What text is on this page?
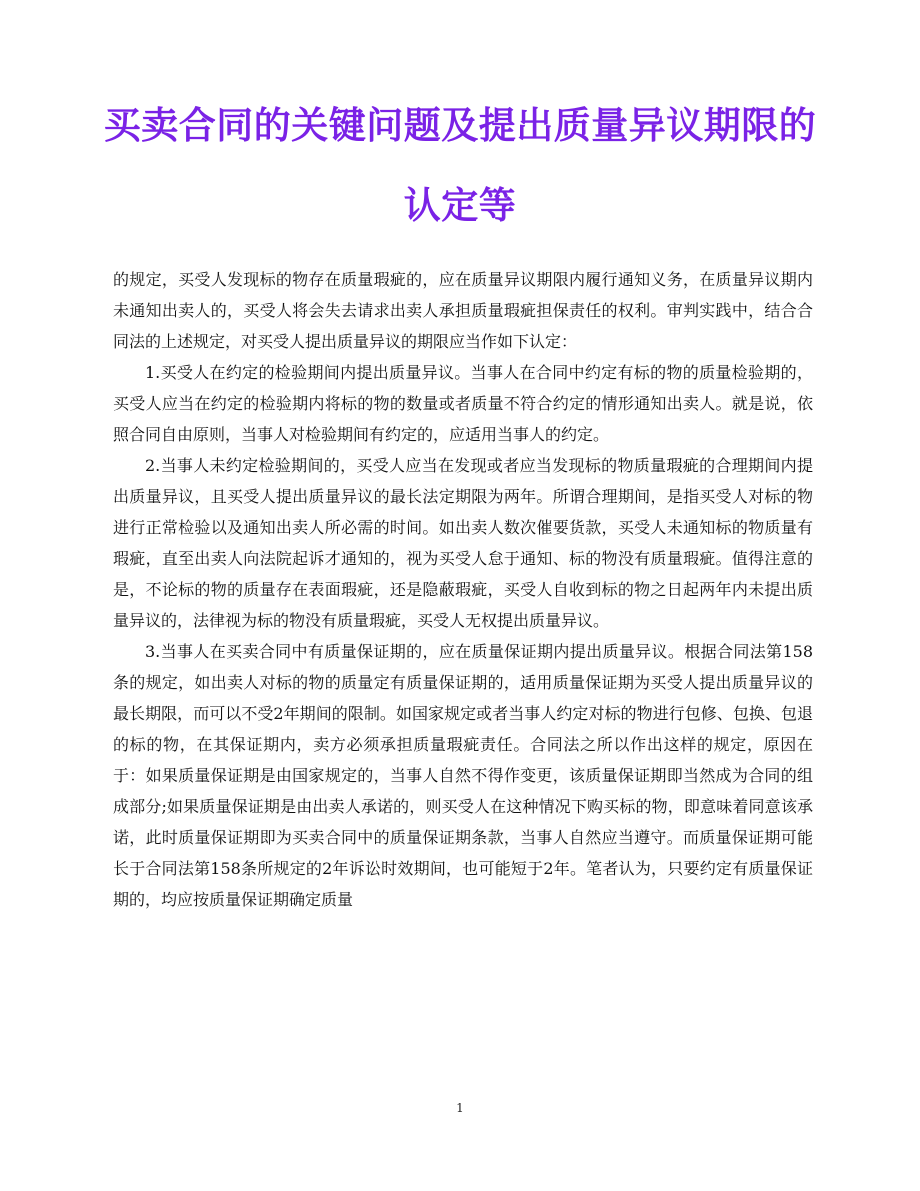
买卖合同的关键问题及提出质量异议期限的认定等

的规定，买受人发现标的物存在质量瑕疵的，应在质量异议期限内履行通知义务，在质量异议期内未通知出卖人的，买受人将会失去请求出卖人承担质量瑕疵担保责任的权利。审判实践中，结合合同法的上述规定，对买受人提出质量异议的期限应当作如下认定：

1.买受人在约定的检验期间内提出质量异议。当事人在合同中约定有标的物的质量检验期的，买受人应当在约定的检验期内将标的物的数量或者质量不符合约定的情形通知出卖人。就是说，依照合同自由原则，当事人对检验期间有约定的，应适用当事人的约定。

2.当事人未约定检验期间的，买受人应当在发现或者应当发现标的物质量瑕疵的合理期间内提出质量异议，且买受人提出质量异议的最长法定期限为两年。所谓合理期间，是指买受人对标的物进行正常检验以及通知出卖人所必需的时间。如出卖人数次催要货款，买受人未通知标的物质量有瑕疵，直至出卖人向法院起诉才通知的，视为买受人怠于通知、标的物没有质量瑕疵。值得注意的是，不论标的物的质量存在表面瑕疵，还是隐蔽瑕疵，买受人自收到标的物之日起两年内未提出质量异议的，法律视为标的物没有质量瑕疵，买受人无权提出质量异议。

3.当事人在买卖合同中有质量保证期的，应在质量保证期内提出质量异议。根据合同法第158条的规定，如出卖人对标的物的质量定有质量保证期的，适用质量保证期为买受人提出质量异议的最长期限，而可以不受2年期间的限制。如国家规定或者当事人约定对标的物进行包修、包换、包退的标的物，在其保证期内，卖方必须承担质量瑕疵责任。合同法之所以作出这样的规定，原因在于：如果质量保证期是由国家规定的，当事人自然不得作变更，该质量保证期即当然成为合同的组成部分;如果质量保证期是由出卖人承诺的，则买受人在这种情况下购买标的物，即意味着同意该承诺，此时质量保证期即为买卖合同中的质量保证期条款，当事人自然应当遵守。而质量保证期可能长于合同法第158条所规定的2年诉讼时效期间，也可能短于2年。笔者认为，只要约定有质量保证期的，均应按质量保证期确定质量

1
